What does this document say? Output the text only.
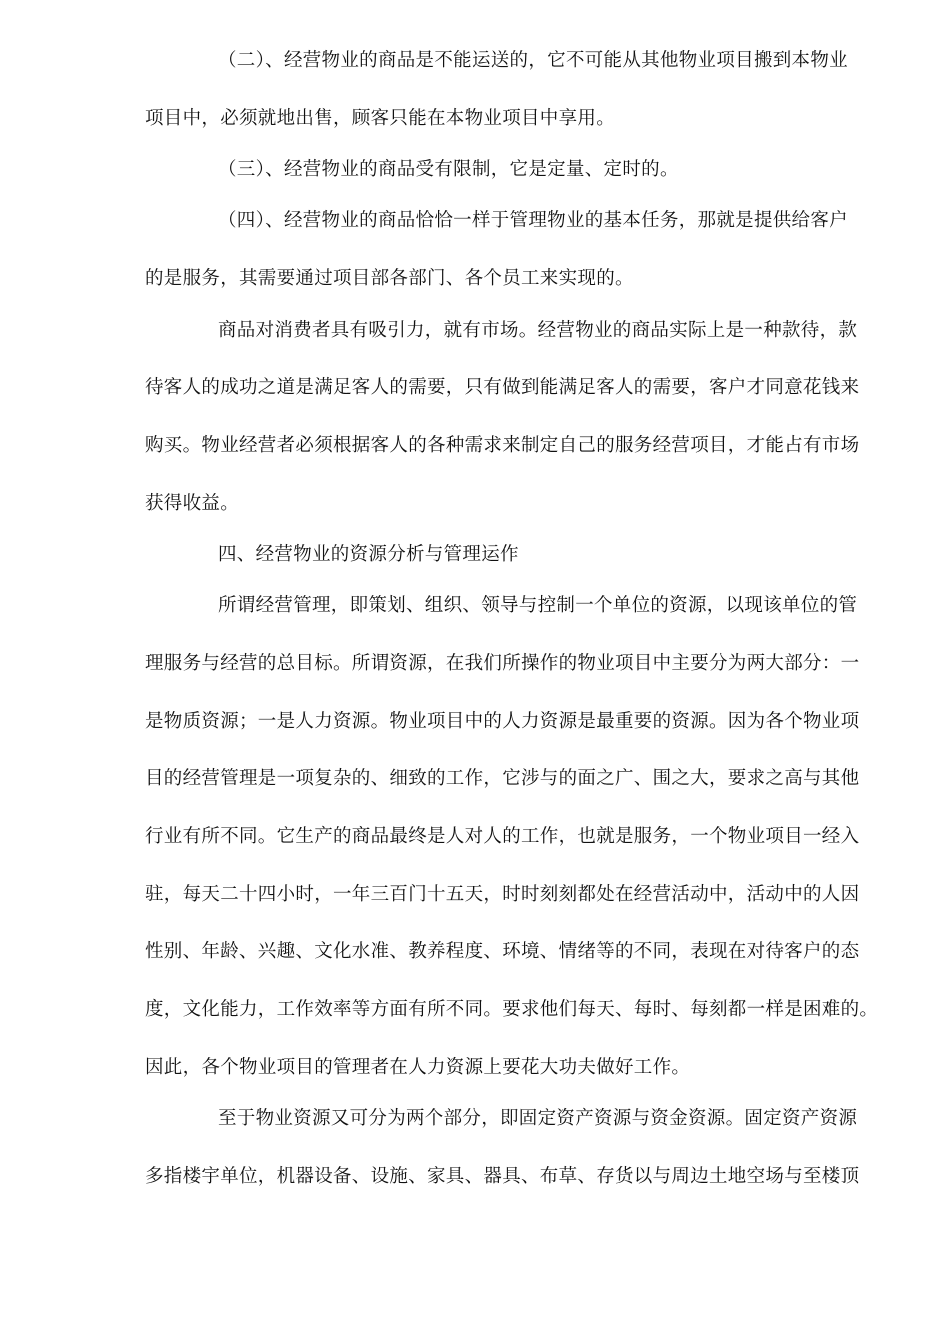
（二）、经营物业的商品是不能运送的，它不可能从其他物业项目搬到本物业
项目中，必须就地出售，顾客只能在本物业项目中享用。
（三）、经营物业的商品受有限制，它是定量、定时的。
（四）、经营物业的商品恰恰一样于管理物业的基本任务，那就是提供给客户
的是服务，其需要通过项目部各部门、各个员工来实现的。
商品对消费者具有吸引力，就有市场。经营物业的商品实际上是一种款待，款
待客人的成功之道是满足客人的需要，只有做到能满足客人的需要，客户才同意花钱来
购买。物业经营者必须根据客人的各种需求来制定自己的服务经营项目，才能占有市场
获得收益。
四、经营物业的资源分析与管理运作
所谓经营管理，即策划、组织、领导与控制一个单位的资源，以现该单位的管
理服务与经营的总目标。所谓资源，在我们所操作的物业项目中主要分为两大部分：一
是物质资源；一是人力资源。物业项目中的人力资源是最重要的资源。因为各个物业项
目的经营管理是一项复杂的、细致的工作，它涉与的面之广、围之大，要求之高与其他
行业有所不同。它生产的商品最终是人对人的工作，也就是服务，一个物业项目一经入
驻，每天二十四小时，一年三百门十五天，时时刻刻都处在经营活动中，活动中的人因
性别、年龄、兴趣、文化水准、教养程度、环境、情绪等的不同，表现在对待客户的态
度，文化能力，工作效率等方面有所不同。要求他们每天、每时、每刻都一样是困难的。
因此，各个物业项目的管理者在人力资源上要花大功夫做好工作。
至于物业资源又可分为两个部分，即固定资产资源与资金资源。固定资产资源
多指楼宇单位，机器设备、设施、家具、器具、布草、存货以与周边土地空场与至楼顶
